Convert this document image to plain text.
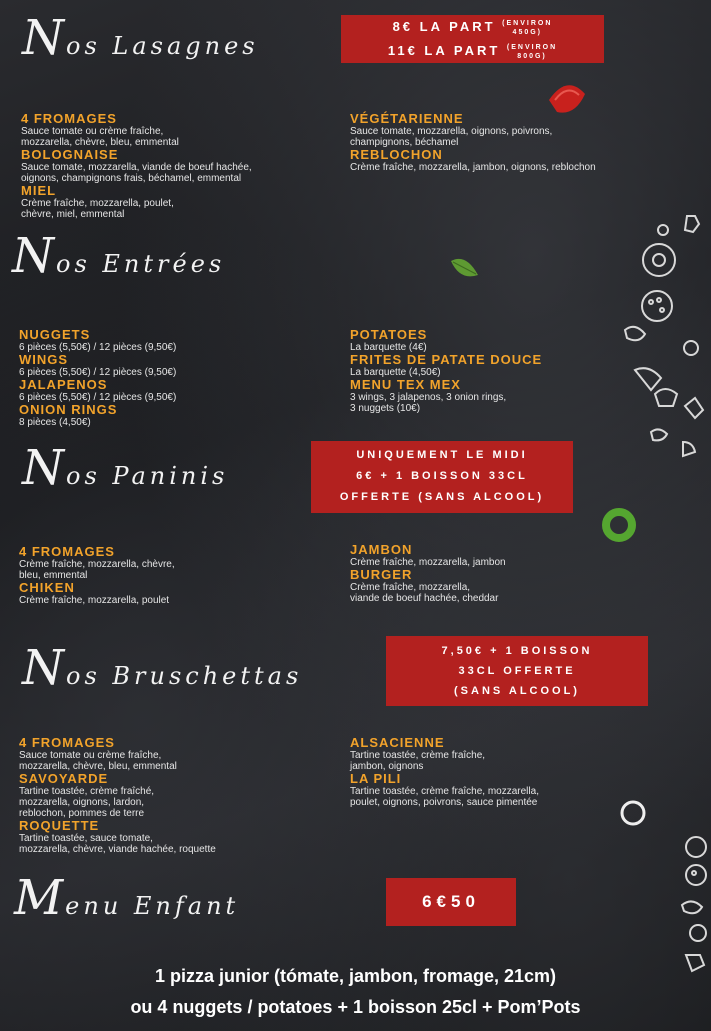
Nos Lasagnes
8€ LA PART (ENVIRON
450G)
11€ LA PART (ENVIRON
800G)
4 FROMAGES
Sauce tomate ou crème fraîche,
mozzarella, chèvre, bleu, emmental
BOLOGNAISE
Sauce tomate, mozzarella, viande de boeuf hachée,
oignons, champignons frais, béchamel, emmental
MIEL
Crème fraîche, mozzarella, poulet,
chèvre, miel, emmental
VÉGÉTARIENNE
Sauce tomate, mozzarella, oignons, poivrons,
champignons, béchamel
REBLOCHON
Crème fraîche, mozzarella, jambon, oignons, reblochon
Nos Entrées
NUGGETS
6 pièces (5,50€) / 12 pièces (9,50€)
WINGS
6 pièces (5,50€) / 12 pièces (9,50€)
JALAPENOS
6 pièces (5,50€) / 12 pièces (9,50€)
ONION RINGS
8 pièces (4,50€)
POTATOES
La barquette (4€)
FRITES DE PATATE DOUCE
La barquette (4,50€)
MENU TEX MEX
3 wings, 3 jalapenos, 3 onion rings,
3 nuggets (10€)
Nos Paninis
UNIQUEMENT LE MIDI
6€ + 1 BOISSON 33CL
OFFERTE (SANS ALCOOL)
4 FROMAGES
Crème fraîche, mozzarella, chèvre,
bleu, emmental
CHIKEN
Crème fraîche, mozzarella, poulet
JAMBON
Crème fraîche, mozzarella, jambon
BURGER
Crème fraîche, mozzarella,
viande de boeuf hachée, cheddar
Nos Bruschettas
7,50€ + 1 BOISSON
33CL OFFERTE
(SANS ALCOOL)
4 FROMAGES
Sauce tomate ou crème fraîche,
mozzarella, chèvre, bleu, emmental
SAVOYARDE
Tartine toastée, crème fraîché,
mozzarella, oignons, lardon,
reblochon, pommes de terre
ROQUETTE
Tartine toastée, sauce tomate,
mozzarella, chèvre, viande hachée, roquette
ALSACIENNE
Tartine toastée, crème fraîche,
jambon, oignons
LA PILI
Tartine toastée, crème fraîche, mozzarella,
poulet, oignons, poivrons, sauce pimentée
Menu Enfant	6€50
1 pizza junior (tómate, jambon, fromage, 21cm)
ou 4 nuggets / potatoes + 1 boisson 25cl + Pom’Pots
